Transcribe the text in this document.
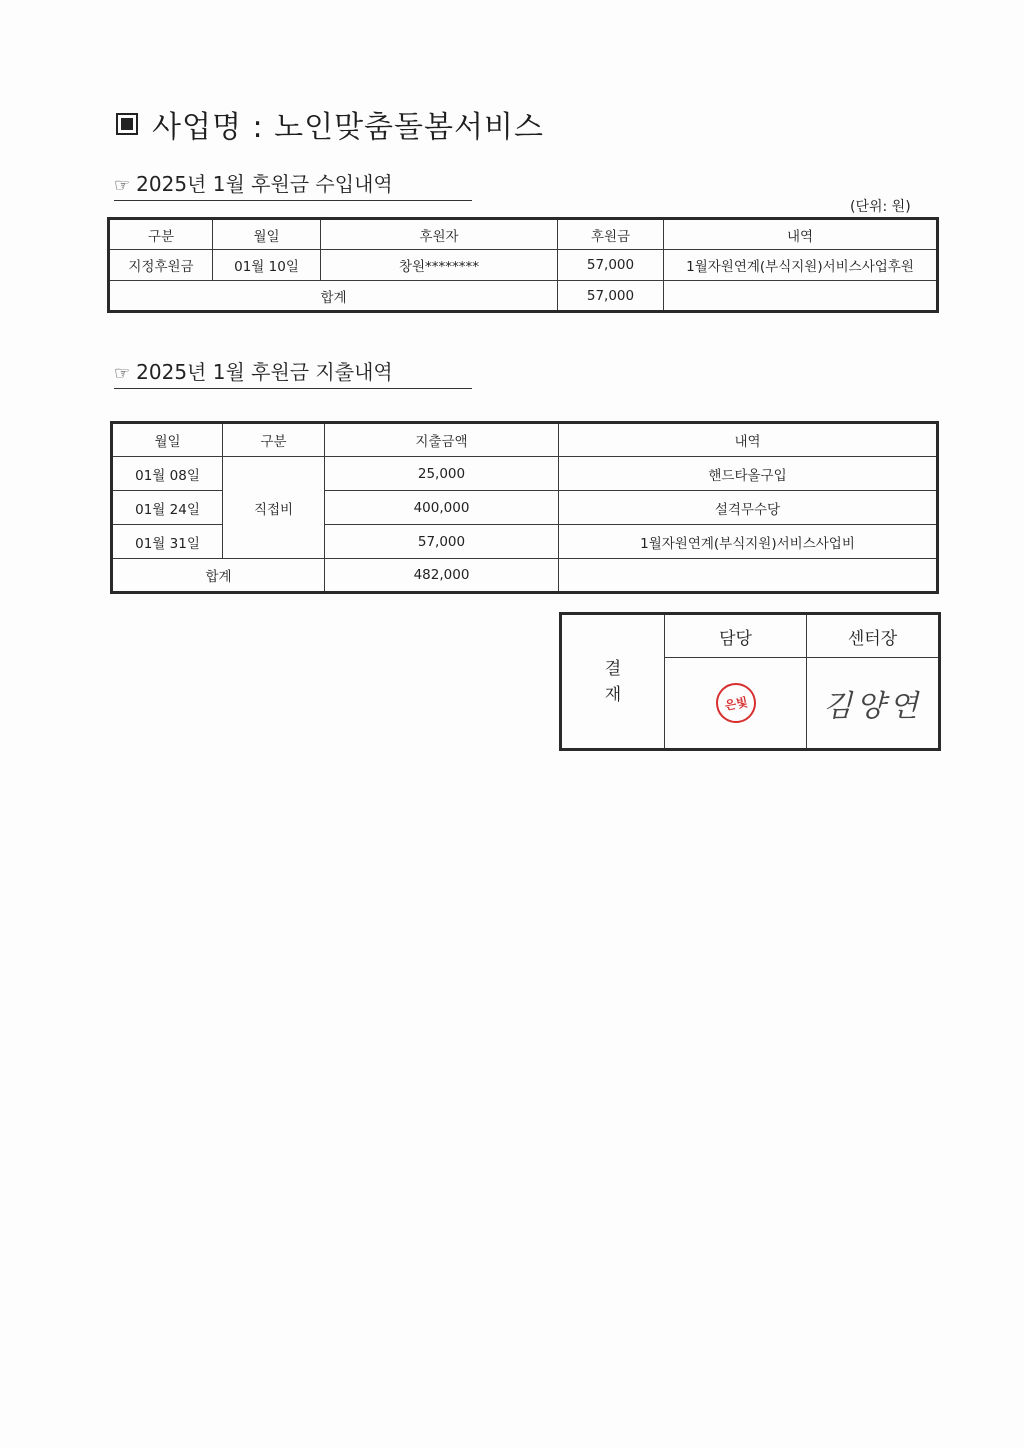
사업명 : 노인맞춤돌봄서비스
☞ 2025년 1월 후원금 수입내역
(단위: 원)
구분	월일	후원자	후원금	내역
지정후원금	01월 10일	창원********	57,000	1월자원연계(부식지원)서비스사업후원
합계			57,000	
☞ 2025년 1월 후원금 지출내역
월일	구분	지출금액	내역
01월 08일	직접비	25,000	핸드타올구입
01월 24일		400,000	설격무수당
01월 31일		57,000	1월자원연계(부식지원)서비스사업비
합계		482,000	
결재	담당	센터장
	은빛	김양연
